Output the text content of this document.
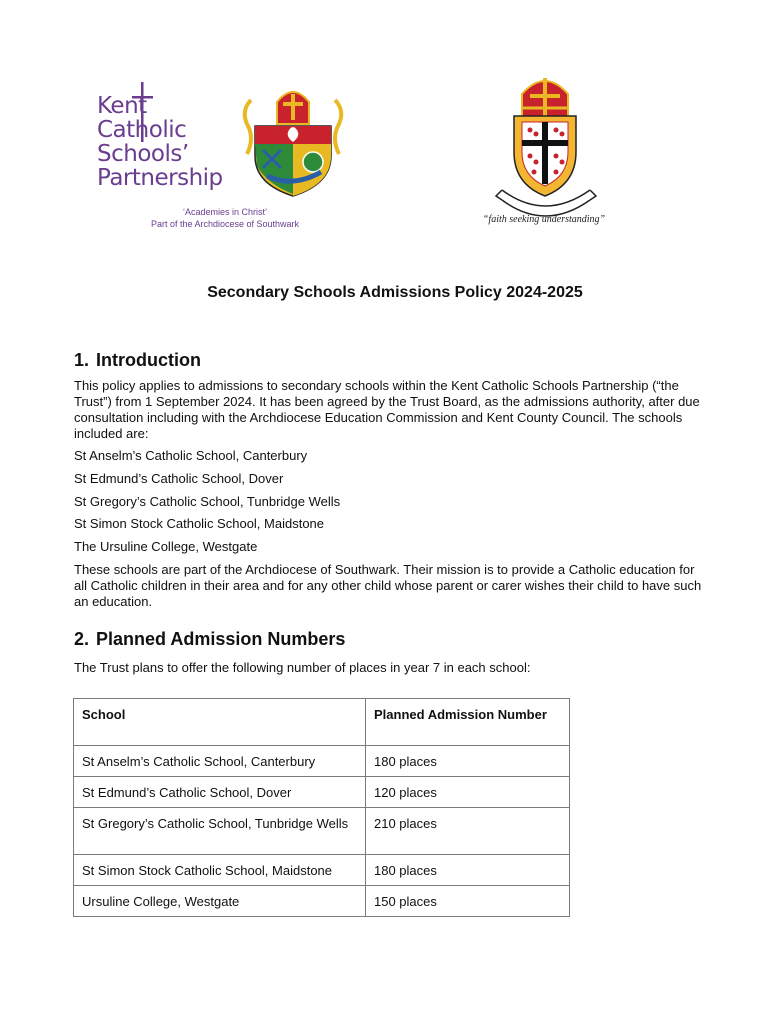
Kent
Catholic
Schools’
Partnership
‘Academies in Christ’
Part of the Archdiocese of Southwark	“faith seeking understanding”
Secondary Schools Admissions Policy 2024-2025
1. Introduction

This policy applies to admissions to secondary schools within the Kent Catholic Schools Partnership (“the Trust”) from 1 September 2024. It has been agreed by the Trust Board, as the admissions authority, after due consultation including with the Archdiocese Education Commission and Kent County Council. The schools included are:

St Anselm’s Catholic School, Canterbury

St Edmund’s Catholic School, Dover

St Gregory’s Catholic School, Tunbridge Wells

St Simon Stock Catholic School, Maidstone

The Ursuline College, Westgate

These schools are part of the Archdiocese of Southwark. Their mission is to provide a Catholic education for all Catholic children in their area and for any other child whose parent or carer wishes their child to have such an education.

2. Planned Admission Numbers

The Trust plans to offer the following number of places in year 7 in each school:

School	Planned Admission Number
St Anselm’s Catholic School, Canterbury	180 places
St Edmund’s Catholic School, Dover	120 places
St Gregory’s Catholic School, Tunbridge Wells	210 places
St Simon Stock Catholic School, Maidstone	180 places
Ursuline College, Westgate	150 places
